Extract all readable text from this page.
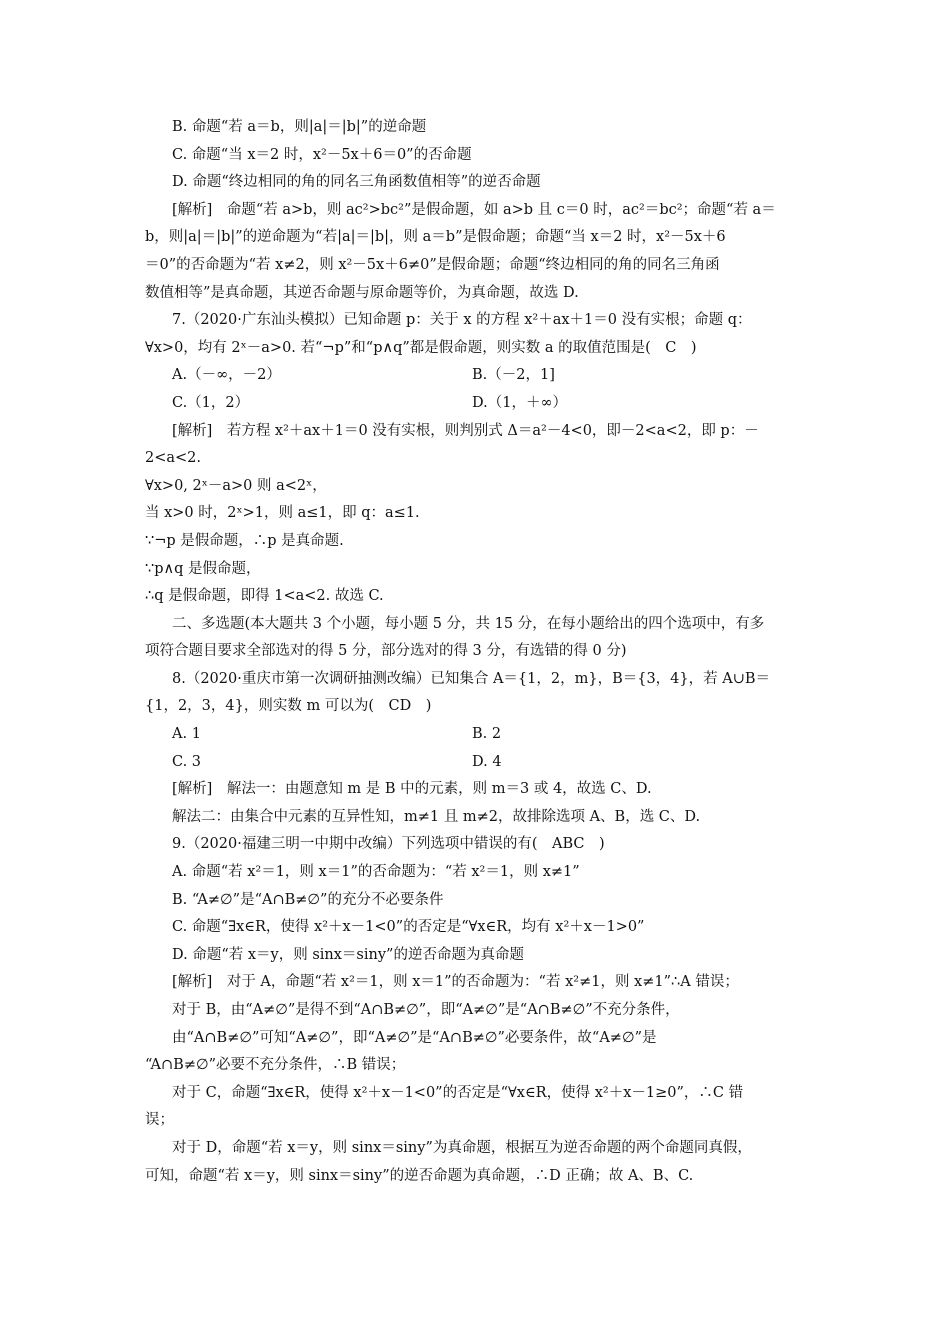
B. 命题“若 a＝b，则|a|＝|b|”的逆命题
C. 命题“当 x＝2 时，x²－5x＋6＝0”的否命题
D. 命题“终边相同的角的同名三角函数值相等”的逆否命题
[解析]　命题“若 a>b，则 ac²>bc²”是假命题，如 a>b 且 c＝0 时，ac²＝bc²；命题“若 a＝
b，则|a|＝|b|”的逆命题为“若|a|＝|b|，则 a＝b”是假命题；命题“当 x＝2 时，x²－5x＋6
＝0”的否命题为“若 x≠2，则 x²－5x＋6≠0”是假命题；命题“终边相同的角的同名三角函
数值相等”是真命题，其逆否命题与原命题等价，为真命题，故选 D.
7.（2020·广东汕头模拟）已知命题 p：关于 x 的方程 x²＋ax＋1＝0 没有实根；命题 q：
∀x>0，均有 2ˣ－a>0. 若“¬p”和“p∧q”都是假命题，则实数 a 的取值范围是(　C　)
A.（－∞，－2）	B.（－2，1]
C.（1，2）	D.（1，＋∞）
[解析]　若方程 x²＋ax＋1＝0 没有实根，则判别式 Δ＝a²－4<0，即－2<a<2，即 p：－
2<a<2.
∀x>0, 2ˣ－a>0 则 a<2ˣ，
当 x>0 时，2ˣ>1，则 a≤1，即 q：a≤1.
∵¬p 是假命题，∴p 是真命题.
∵p∧q 是假命题，
∴q 是假命题，即得 1<a<2. 故选 C.
二、多选题(本大题共 3 个小题，每小题 5 分，共 15 分，在每小题给出的四个选项中，有多
项符合题目要求全部选对的得 5 分，部分选对的得 3 分，有选错的得 0 分)
8.（2020·重庆市第一次调研抽测改编）已知集合 A＝{1，2，m}，B＝{3，4}，若 A∪B＝
{1，2，3，4}，则实数 m 可以为(　CD　)
A. 1	B. 2
C. 3	D. 4
[解析]　解法一：由题意知 m 是 B 中的元素，则 m＝3 或 4，故选 C、D.
解法二：由集合中元素的互异性知，m≠1 且 m≠2，故排除选项 A、B，选 C、D.
9.（2020·福建三明一中期中改编）下列选项中错误的有(　ABC　)
A. 命题“若 x²＝1，则 x＝1”的否命题为：“若 x²＝1，则 x≠1”
B. “A≠∅”是“A∩B≠∅”的充分不必要条件
C. 命题“∃x∈R，使得 x²＋x－1<0”的否定是“∀x∈R，均有 x²＋x－1>0”
D. 命题“若 x＝y，则 sinx＝siny”的逆否命题为真命题
[解析]　对于 A，命题“若 x²＝1，则 x＝1”的否命题为：“若 x²≠1，则 x≠1”∴A 错误；
对于 B，由“A≠∅”是得不到“A∩B≠∅”，即“A≠∅”是“A∩B≠∅”不充分条件，
由“A∩B≠∅”可知“A≠∅”，即“A≠∅”是“A∩B≠∅”必要条件，故“A≠∅”是
“A∩B≠∅”必要不充分条件，∴B 错误；
对于 C，命题“∃x∈R，使得 x²＋x－1<0”的否定是“∀x∈R，使得 x²＋x－1≥0”，∴C 错
误；
对于 D，命题“若 x＝y，则 sinx＝siny”为真命题，根据互为逆否命题的两个命题同真假，
可知，命题“若 x＝y，则 sinx＝siny”的逆否命题为真命题，∴D 正确；故 A、B、C.
